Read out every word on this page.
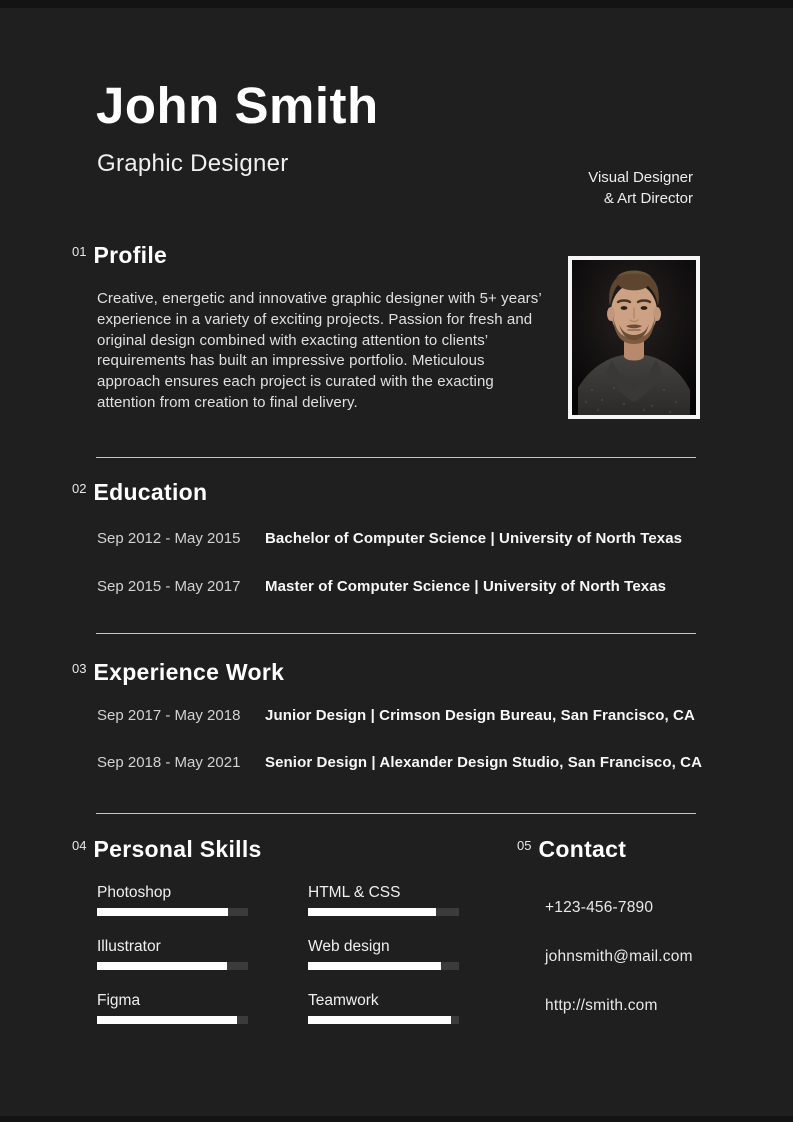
John Smith

Graphic Designer

Visual Designer
& Art Director
01 Profile

Creative, energetic and innovative graphic designer with 5+ years’ experience in a variety of exciting projects. Passion for fresh and original design combined with exacting attention to clients’ requirements has built an impressive portfolio. Meticulous approach ensures each project is curated with the exacting attention from creation to final delivery.

02 Education
Sep 2012 - May 2015	Bachelor of Computer Science | University of North Texas
Sep 2015 - May 2017	Master of Computer Science | University of North Texas
03 Experience Work
Sep 2017 - May 2018	Junior Design | Crimson Design Bureau, San Francisco, CA
Sep 2018 - May 2021	Senior Design | Alexander Design Studio, San Francisco, CA
04 Personal Skills
Photoshop
Illustrator
Figma
HTML & CSS
Web design
Teamwork
05 Contact
+123-456-7890
johnsmith@mail.com
http://smith.com
